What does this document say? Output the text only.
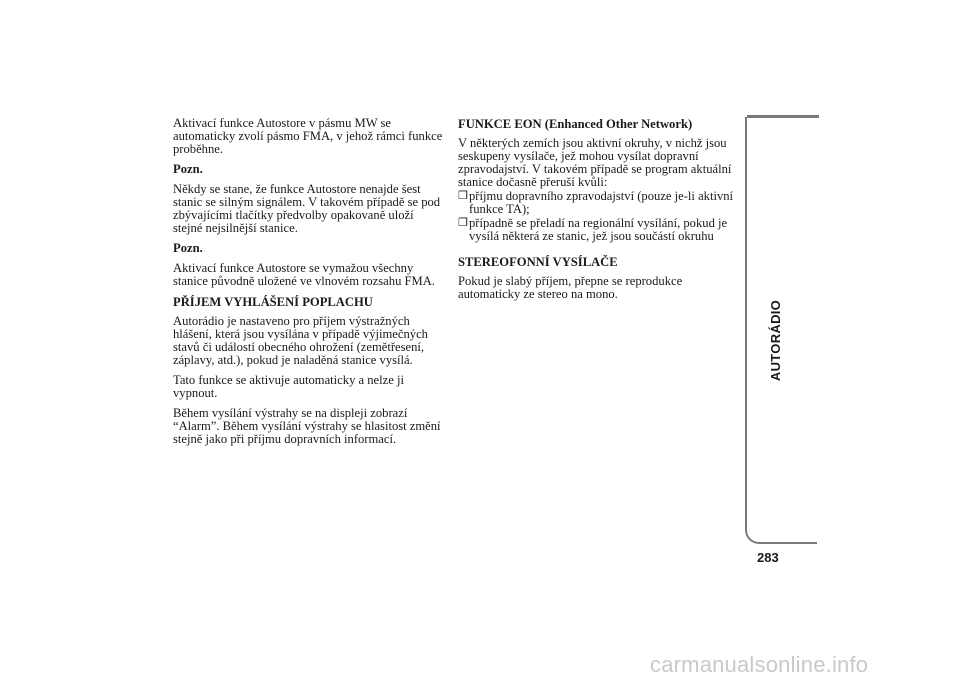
Aktivací funkce Autostore v pásmu MW se automaticky zvolí pásmo FMA, v jehož rámci funkce proběhne.

Pozn.

Někdy se stane, že funkce Autostore nenajde šest stanic se silným signálem. V takovém případě se pod zbývajícími tlačítky předvolby opakovaně uloží stejné nejsilnější stanice.

Pozn.

Aktivací funkce Autostore se vymažou všechny stanice původně uložené ve vlnovém rozsahu FMA.

PŘÍJEM VYHLÁŠENÍ POPLACHU

Autorádio je nastaveno pro příjem výstražných hlášení, která jsou vysílána v případě výjimečných stavů či událostí obecného ohrožení (zemětřesení, záplavy, atd.), pokud je naladěná stanice vysílá.

Tato funkce se aktivuje automaticky a nelze ji vypnout.

Během vysílání výstrahy se na displeji zobrazí “Alarm”. Během vysílání výstrahy se hlasitost změní stejně jako při příjmu dopravních informací.

FUNKCE EON (Enhanced Other Network)

V některých zemích jsou aktivní okruhy, v nichž jsou seskupeny vysílače, jež mohou vysílat dopravní zpravodajství. V takovém případě se program aktuální stanice dočasně přeruší kvůli:

❒ příjmu dopravního zpravodajství (pouze je-li aktivní funkce TA);
❒ případně se přeladí na regionální vysílání, pokud je vysílá některá ze stanic, jež jsou součástí okruhu
STEREOFONNÍ VYSÍLAČE

Pokud je slabý příjem, přepne se reprodukce automaticky ze stereo na mono.

AUTORÁDIO
283
carmanualsonline.info
